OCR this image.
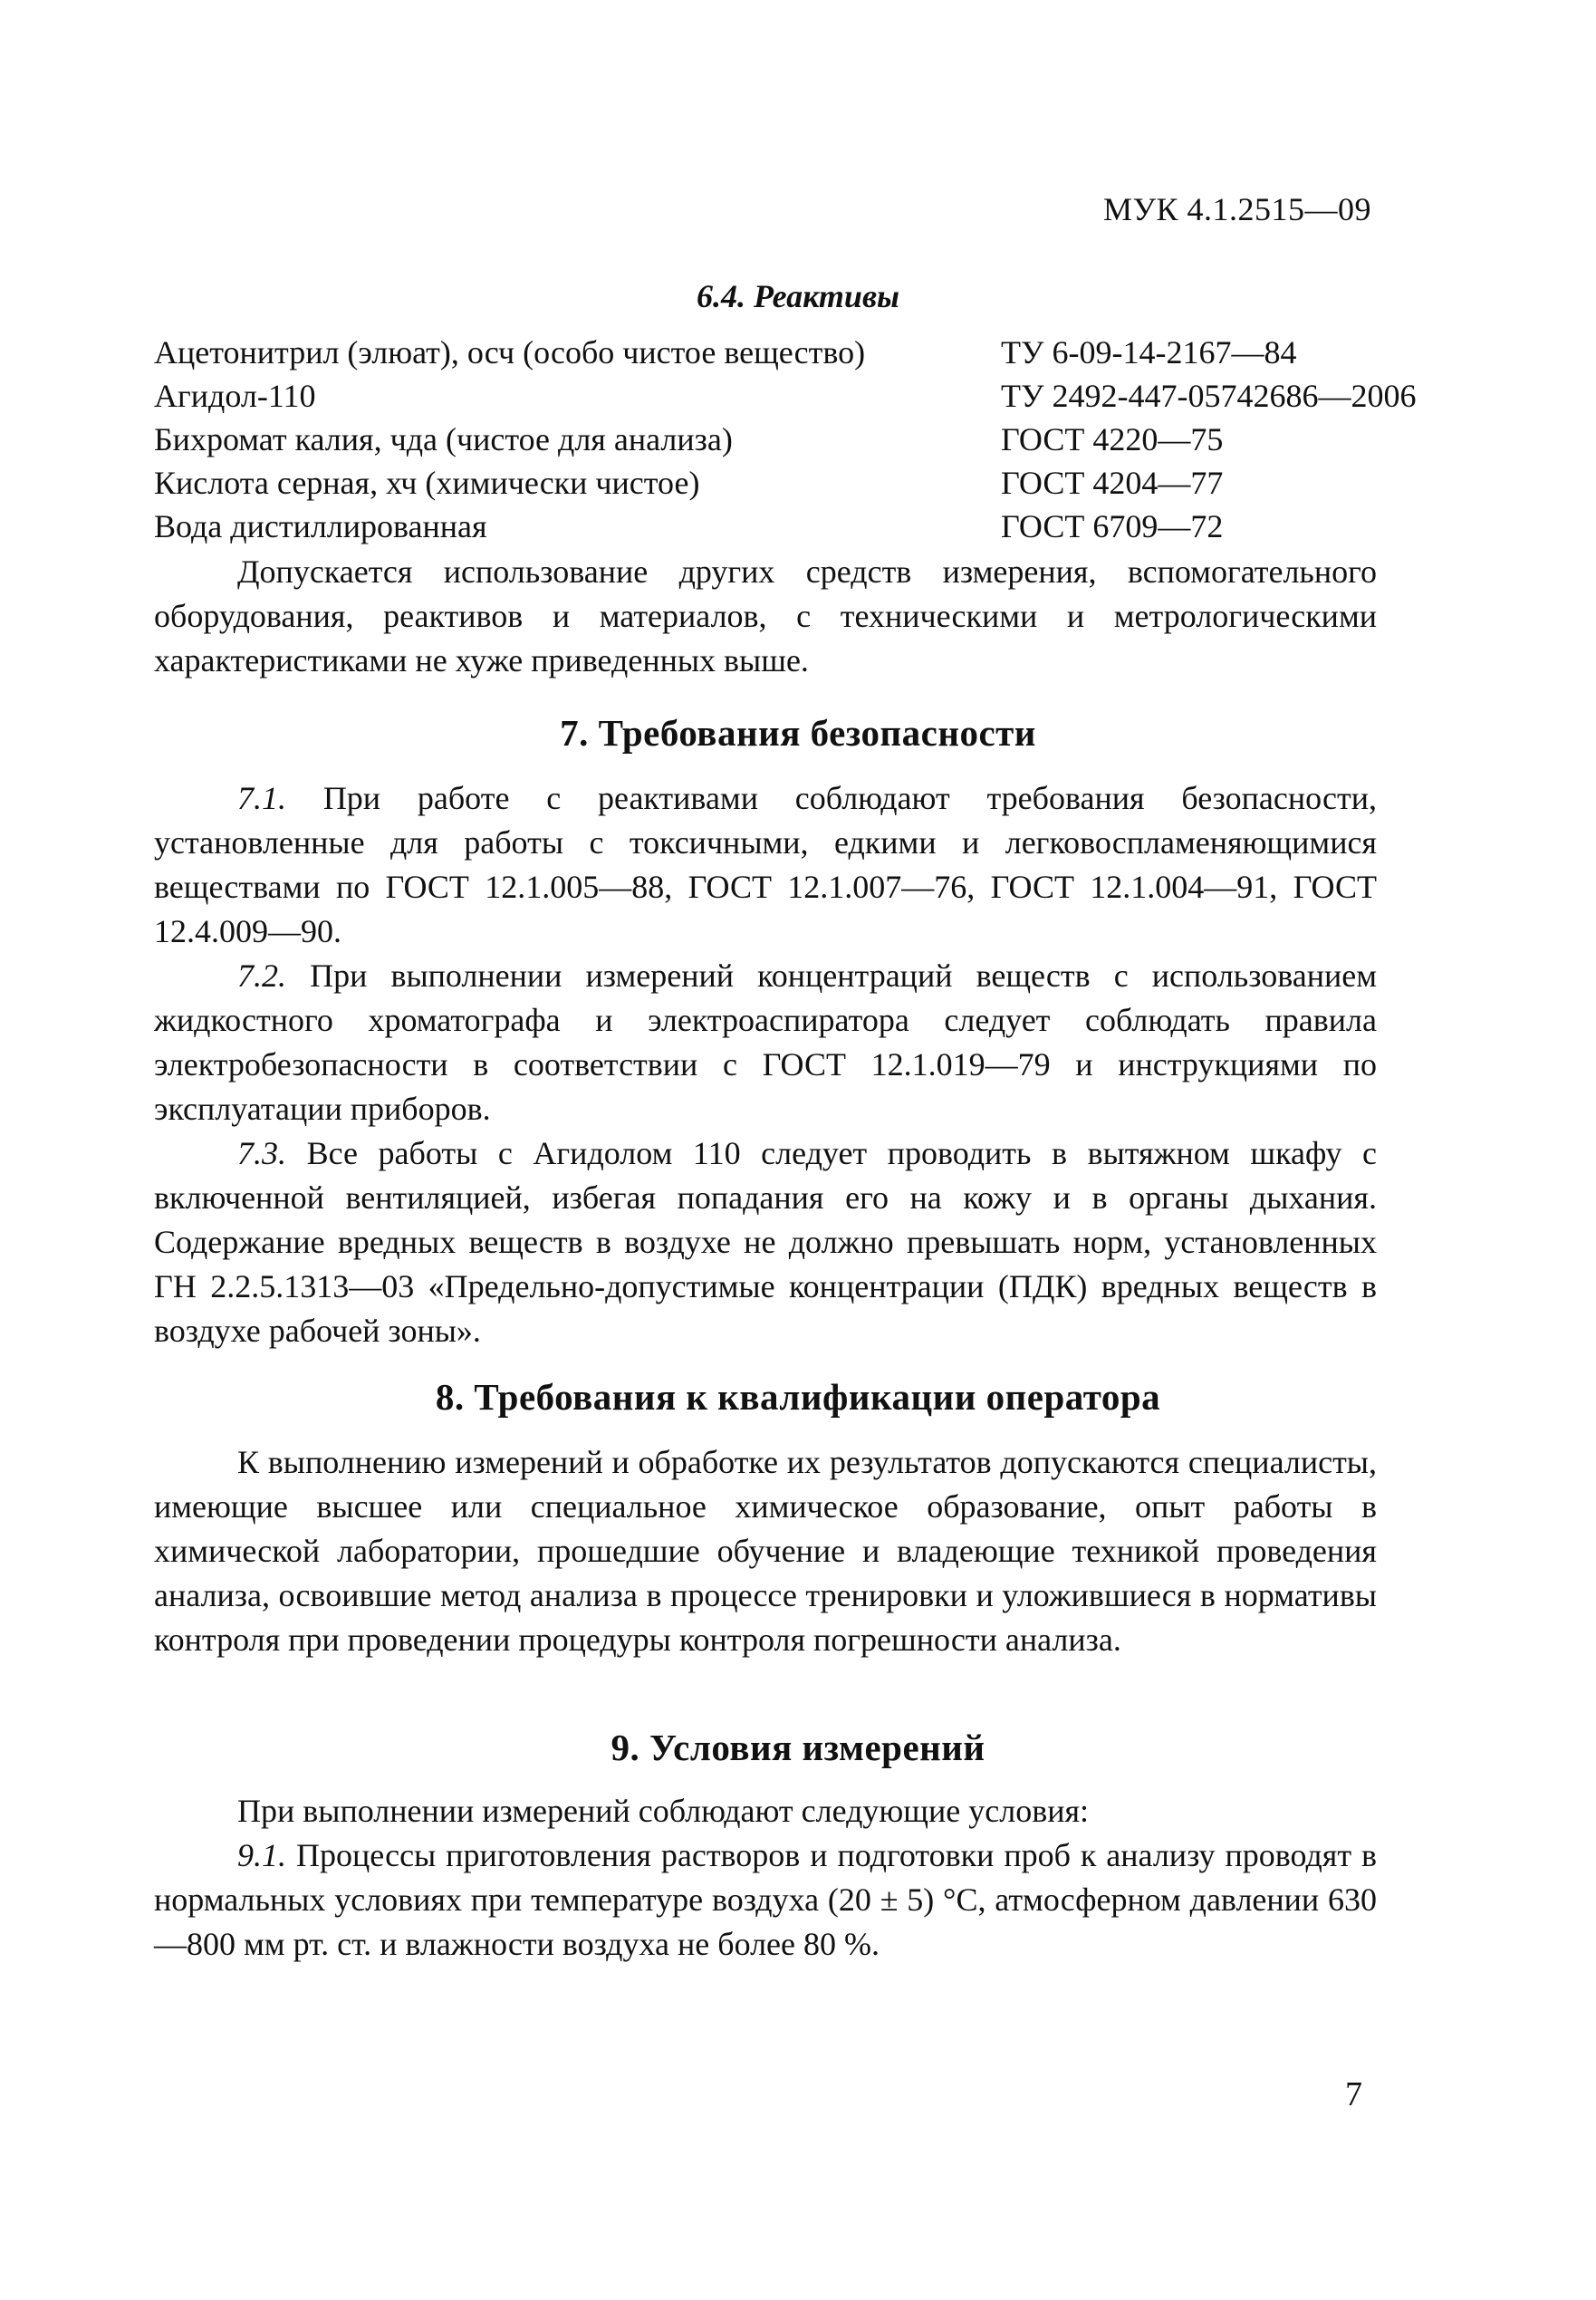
МУК 4.1.2515—09
6.4. Реактивы
Ацетонитрил (элюат), осч (особо чистое вещество)	ТУ 6-09-14-2167—84
Агидол-110	ТУ 2492-447-05742686—2006
Бихромат калия, чда (чистое для анализа)	ГОСТ 4220—75
Кислота серная, хч (химически чистое)	ГОСТ 4204—77
Вода дистиллированная	ГОСТ 6709—72

Допускается использование других средств измерения, вспомогательного оборудования, реактивов и материалов, с техническими и метрологическими характеристиками не хуже приведенных выше.

7. Требования безопасности

7.1. При работе с реактивами соблюдают требования безопасности, установленные для работы с токсичными, едкими и легковоспламеняющимися веществами по ГОСТ 12.1.005—88, ГОСТ 12.1.007—76, ГОСТ 12.1.004—91, ГОСТ 12.4.009—90.

7.2. При выполнении измерений концентраций веществ с использованием жидкостного хроматографа и электроаспиратора следует соблюдать правила электробезопасности в соответствии с ГОСТ 12.1.019—79 и инструкциями по эксплуатации приборов.

7.3. Все работы с Агидолом 110 следует проводить в вытяжном шкафу с включенной вентиляцией, избегая попадания его на кожу и в органы дыхания. Содержание вредных веществ в воздухе не должно превышать норм, установленных ГН 2.2.5.1313—03 «Предельно-допустимые концентрации (ПДК) вредных веществ в воздухе рабочей зоны».

8. Требования к квалификации оператора

К выполнению измерений и обработке их результатов допускаются специалисты, имеющие высшее или специальное химическое образование, опыт работы в химической лаборатории, прошедшие обучение и владеющие техникой проведения анализа, освоившие метод анализа в процессе тренировки и уложившиеся в нормативы контроля при проведении процедуры контроля погрешности анализа.

9. Условия измерений

При выполнении измерений соблюдают следующие условия:

9.1. Процессы приготовления растворов и подготовки проб к анализу проводят в нормальных условиях при температуре воздуха (20 ± 5) °С, атмосферном давлении 630—800 мм рт. ст. и влажности воздуха не более 80 %.

7
